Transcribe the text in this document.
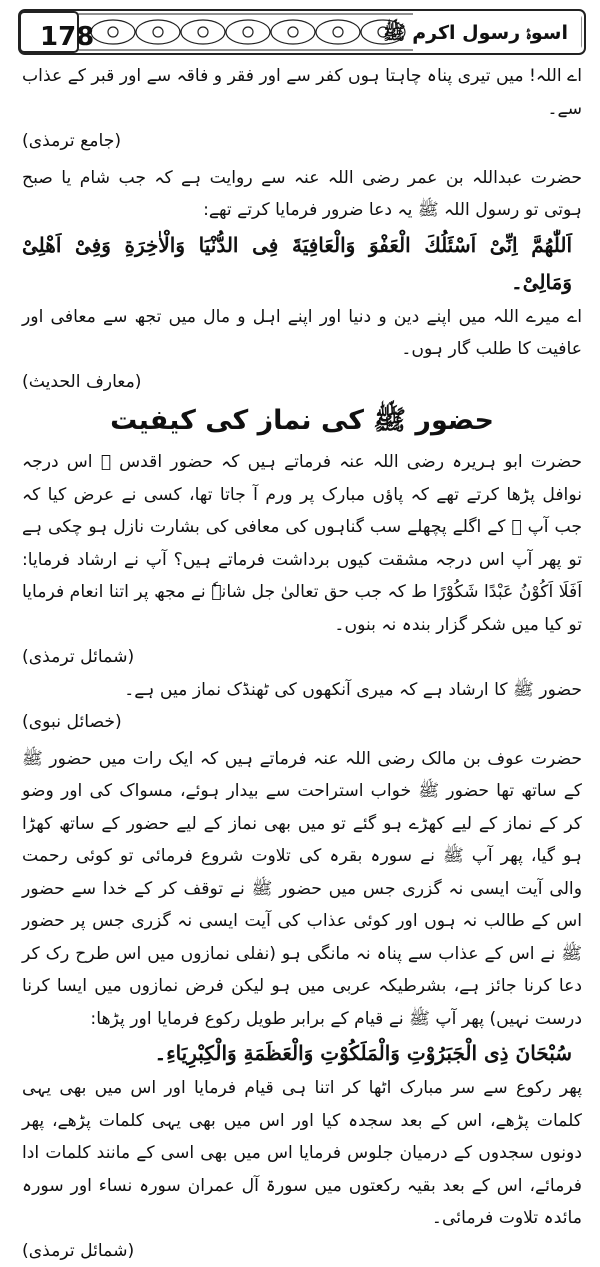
178	اسوۂ رسول اکرم ﷺ

اے اللہ! میں تیری پناہ چاہتا ہوں کفر سے اور فقر و فاقہ سے اور قبر کے عذاب سے۔

(جامع ترمذی)

حضرت عبداللہ بن عمر رضی اللہ عنہ سے روایت ہے کہ جب شام یا صبح ہوتی تو رسول اللہ ﷺ یہ دعا ضرور فرمایا کرتے تھے:

اَللّٰهُمَّ اِنِّیْ اَسْئَلُكَ الْعَفْوَ وَالْعَافِيَةَ فِی الدُّنْيَا وَالْاٰخِرَةِ وَفِیْ اَهْلِیْ وَمَالِیْ۔

اے میرے اللہ میں اپنے دین و دنیا اور اپنے اہل و مال میں تجھ سے معافی اور عافیت کا طلب گار ہوں۔

(معارف الحدیث)

حضور ﷺ کی نماز کی کیفیت

حضرت ابو ہریرہ رضی اللہ عنہ فرماتے ہیں کہ حضور اقدس ﷺ اس درجہ نوافل پڑھا کرتے تھے کہ پاؤں مبارک پر ورم آ جاتا تھا، کسی نے عرض کیا کہ جب آپ ﷺ کے اگلے پچھلے سب گناہوں کی معافی کی بشارت نازل ہو چکی ہے تو پھر آپ اس درجہ مشقت کیوں برداشت فرماتے ہیں؟ آپ نے ارشاد فرمایا: اَفَلَا اَكُوْنُ عَبْدًا شَكُوْرًا ط کہ جب حق تعالیٰ جل شانہٗ نے مجھ پر اتنا انعام فرمایا تو کیا میں شکر گزار بندہ نہ بنوں۔

(شمائل ترمذی)

حضور ﷺ کا ارشاد ہے کہ میری آنکھوں کی ٹھنڈک نماز میں ہے۔

(خصائل نبوی)

حضرت عوف بن مالک رضی اللہ عنہ فرماتے ہیں کہ ایک رات میں حضور ﷺ کے ساتھ تھا حضور ﷺ خواب استراحت سے بیدار ہوئے، مسواک کی اور وضو کر کے نماز کے لیے کھڑے ہو گئے تو میں بھی نماز کے لیے حضور کے ساتھ کھڑا ہو گیا، پھر آپ ﷺ نے سورہ بقرہ کی تلاوت شروع فرمائی تو کوئی رحمت والی آیت ایسی نہ گزری جس میں حضور ﷺ نے توقف کر کے خدا سے حضور اس کے طالب نہ ہوں اور کوئی عذاب کی آیت ایسی نہ گزری جس پر حضور ﷺ نے اس کے عذاب سے پناہ نہ مانگی ہو (نفلی نمازوں میں اس طرح رک کر دعا کرنا جائز ہے، بشرطیکہ عربی میں ہو لیکن فرض نمازوں میں ایسا کرنا درست نہیں) پھر آپ ﷺ نے قیام کے برابر طویل رکوع فرمایا اور پڑھا:

سُبْحَانَ ذِی الْجَبَرُوْتِ وَالْمَلَكُوْتِ وَالْعَظَمَةِ وَالْكِبْرِيَاءِ۔

پھر رکوع سے سر مبارک اٹھا کر اتنا ہی قیام فرمایا اور اس میں بھی یہی کلمات پڑھے، اس کے بعد سجدہ کیا اور اس میں بھی یہی کلمات پڑھے، پھر دونوں سجدوں کے درمیان جلوس فرمایا اس میں بھی اسی کے مانند کلمات ادا فرمائے، اس کے بعد بقیہ رکعتوں میں سورۃ آل عمران سورہ نساء اور سورہ مائدہ تلاوت فرمائی۔

(شمائل ترمذی)
